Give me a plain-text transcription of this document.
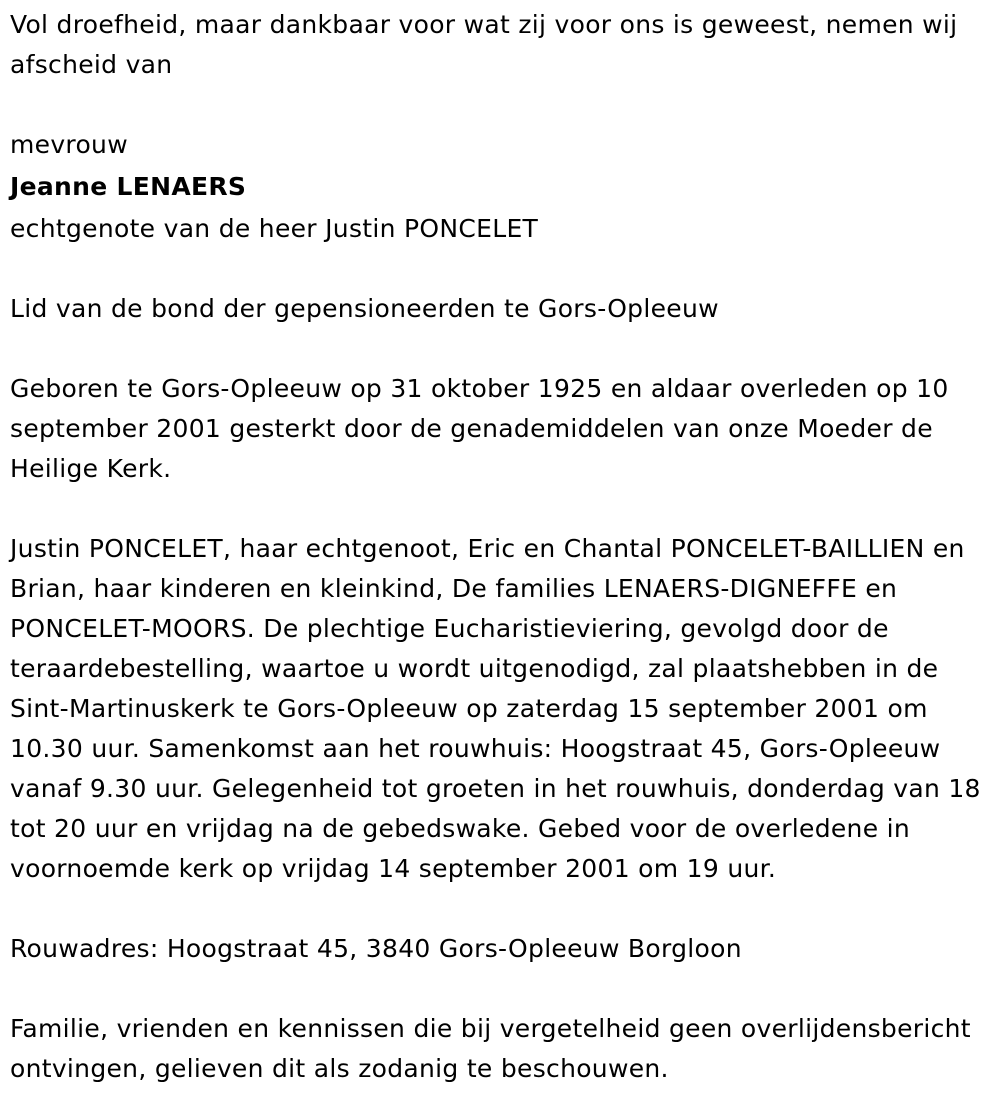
Vol droefheid, maar dankbaar voor wat zij voor ons is geweest, nemen wij afscheid van

mevrouw

Jeanne LENAERS

echtgenote van de heer Justin PONCELET

Lid van de bond der gepensioneerden te Gors-Opleeuw

Geboren te Gors-Opleeuw op 31 oktober 1925 en aldaar overleden op 10 september 2001 gesterkt door de genademiddelen van onze Moeder de Heilige Kerk.

Justin PONCELET, haar echtgenoot, Eric en Chantal PONCELET-BAILLIEN en Brian, haar kinderen en kleinkind, De families LENAERS-DIGNEFFE en PONCELET-MOORS. De plechtige Eucharistieviering, gevolgd door de teraardebestelling, waartoe u wordt uitgenodigd, zal plaatshebben in de Sint-Martinuskerk te Gors-Opleeuw op zaterdag 15 september 2001 om 10.30 uur. Samenkomst aan het rouwhuis: Hoogstraat 45, Gors-Opleeuw vanaf 9.30 uur. Gelegenheid tot groeten in het rouwhuis, donderdag van 18 tot 20 uur en vrijdag na de gebedswake. Gebed voor de overledene in voornoemde kerk op vrijdag 14 september 2001 om 19 uur.

Rouwadres: Hoogstraat 45, 3840 Gors-Opleeuw Borgloon

Familie, vrienden en kennissen die bij vergetelheid geen overlijdensbericht ontvingen, gelieven dit als zodanig te beschouwen.
